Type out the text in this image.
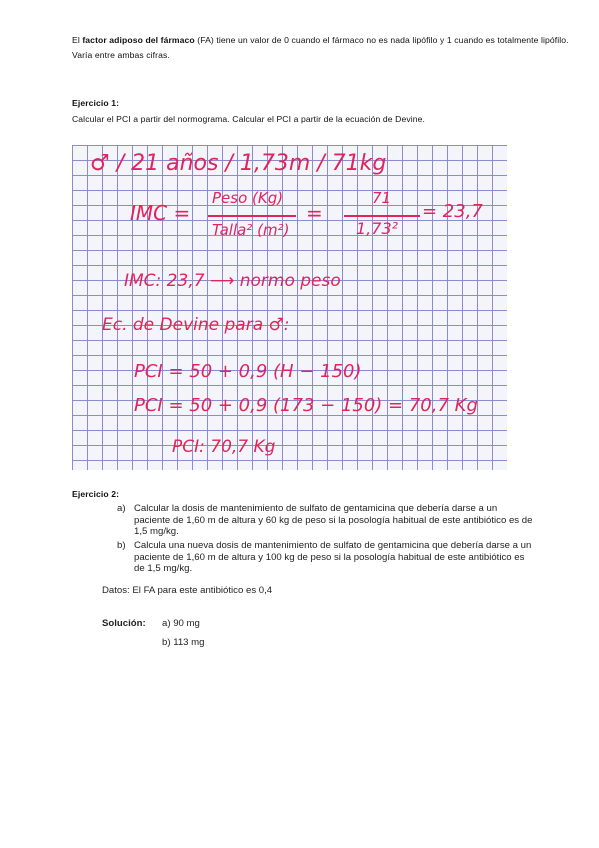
El factor adiposo del fármaco (FA) tiene un valor de 0 cuando el fármaco no es nada lipófilo y 1 cuando es totalmente lipófilo. Varía entre ambas cifras.
Ejercicio 1:
Calcular el PCI a partir del normograma. Calcular el PCI a partir de la ecuación de Devine.
♂ / 21 años / 1,73m / 71kg
IMC =
Peso (Kg)
Talla² (m²)
=
71
1,73²
= 23,7
IMC: 23,7 ⟶ normo peso
Ec. de Devine para ♂:
PCI = 50 + 0,9 (H − 150)
PCI = 50 + 0,9 (173 − 150) = 70,7 Kg
PCI: 70,7 Kg
Ejercicio 2:
a) Calcular la dosis de mantenimiento de sulfato de gentamicina que debería darse a un paciente de 1,60 m de altura y 60 kg de peso si la posología habitual de este antibiótico es de 1,5 mg/kg.
b) Calcula una nueva dosis de mantenimiento de sulfato de gentamicina que debería darse a un paciente de 1,60 m de altura y 100 kg de peso si la posología habitual de este antibiótico es de 1,5 mg/kg.
Datos: El FA para este antibiótico es 0,4
Solución: a) 90 mg
b) 113 mg
